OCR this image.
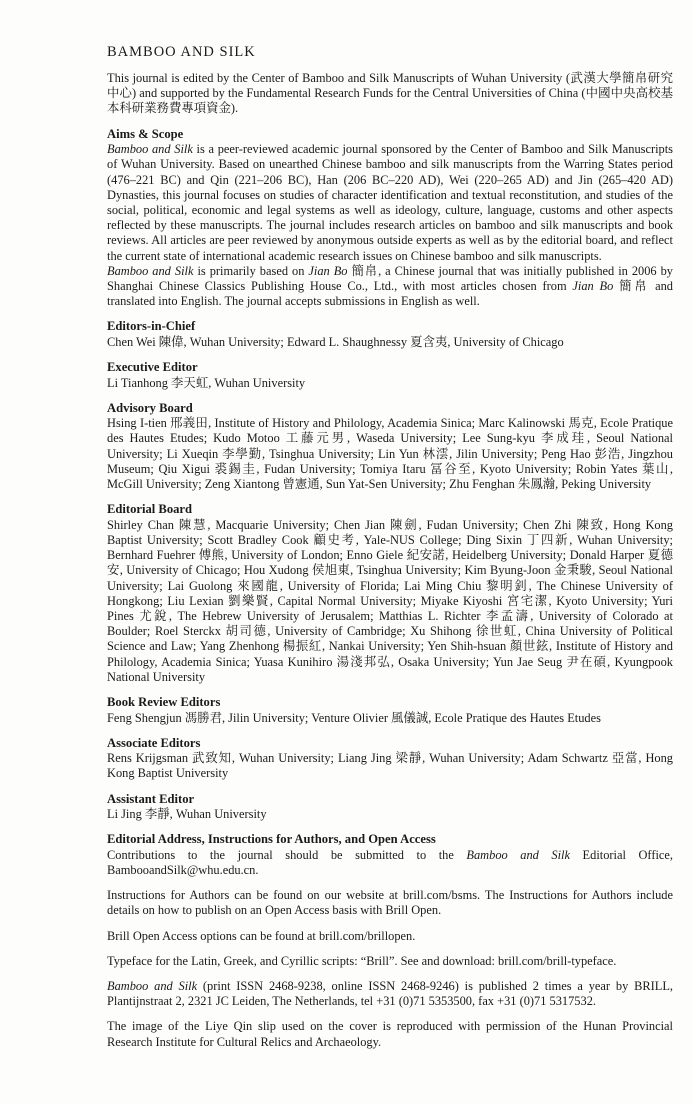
BAMBOO AND SILK

This journal is edited by the Center of Bamboo and Silk Manuscripts of Wuhan University (武漢大學簡帛研究中心) and supported by the Fundamental Research Funds for the Central Universities of China (中國中央高校基本科研業務費專項資金).

Aims & Scope

Bamboo and Silk is a peer-reviewed academic journal sponsored by the Center of Bamboo and Silk Manuscripts of Wuhan University. Based on unearthed Chinese bamboo and silk manuscripts from the Warring States period (476–221 BC) and Qin (221–206 BC), Han (206 BC–220 AD), Wei (220–265 AD) and Jin (265–420 AD) Dynasties, this journal focuses on studies of character identification and textual reconstitution, and studies of the social, political, economic and legal systems as well as ideology, culture, language, customs and other aspects reflected by these manuscripts. The journal includes research articles on bamboo and silk manuscripts and book reviews. All articles are peer reviewed by anonymous outside experts as well as by the editorial board, and reflect the current state of international academic research issues on Chinese bamboo and silk manuscripts.

Bamboo and Silk is primarily based on Jian Bo 簡帛, a Chinese journal that was initially published in 2006 by Shanghai Chinese Classics Publishing House Co., Ltd., with most articles chosen from Jian Bo 簡帛 and translated into English. The journal accepts submissions in English as well.

Editors-in-Chief

Chen Wei 陳偉, Wuhan University; Edward L. Shaughnessy 夏含夷, University of Chicago

Executive Editor

Li Tianhong 李天虹, Wuhan University

Advisory Board

Hsing I-tien 邢義田, Institute of History and Philology, Academia Sinica; Marc Kalinowski 馬克, Ecole Pratique des Hautes Etudes; Kudo Motoo 工藤元男, Waseda University; Lee Sung-kyu 李成珪, Seoul National University; Li Xueqin 李學勤, Tsinghua University; Lin Yun 林澐, Jilin University; Peng Hao 彭浩, Jingzhou Museum; Qiu Xigui 裘錫圭, Fudan University; Tomiya Itaru 冨谷至, Kyoto University; Robin Yates 葉山, McGill University; Zeng Xiantong 曾憲通, Sun Yat-Sen University; Zhu Fenghan 朱鳳瀚, Peking University

Editorial Board

Shirley Chan 陳慧, Macquarie University; Chen Jian 陳劍, Fudan University; Chen Zhi 陳致, Hong Kong Baptist University; Scott Bradley Cook 顧史考, Yale-NUS College; Ding Sixin 丁四新, Wuhan University; Bernhard Fuehrer 傅熊, University of London; Enno Giele 紀安諾, Heidelberg University; Donald Harper 夏德安, University of Chicago; Hou Xudong 侯旭東, Tsinghua University; Kim Byung-Joon 金秉駿, Seoul National University; Lai Guolong 來國龍, University of Florida; Lai Ming Chiu 黎明釗, The Chinese University of Hongkong; Liu Lexian 劉樂賢, Capital Normal University; Miyake Kiyoshi 宮宅潔, Kyoto University; Yuri Pines 尤銳, The Hebrew University of Jerusalem; Matthias L. Richter 李孟濤, University of Colorado at Boulder; Roel Sterckx 胡司德, University of Cambridge; Xu Shihong 徐世虹, China University of Political Science and Law; Yang Zhenhong 楊振紅, Nankai University; Yen Shih-hsuan 顏世鉉, Institute of History and Philology, Academia Sinica; Yuasa Kunihiro 湯淺邦弘, Osaka University; Yun Jae Seug 尹在碩, Kyungpook National University

Book Review Editors

Feng Shengjun 馮勝君, Jilin University; Venture Olivier 風儀誠, Ecole Pratique des Hautes Etudes

Associate Editors

Rens Krijgsman 武致知, Wuhan University; Liang Jing 梁靜, Wuhan University; Adam Schwartz 亞當, Hong Kong Baptist University

Assistant Editor

Li Jing 李靜, Wuhan University

Editorial Address, Instructions for Authors, and Open Access

Contributions to the journal should be submitted to the Bamboo and Silk Editorial Office, BambooandSilk@whu.edu.cn.

Instructions for Authors can be found on our website at brill.com/bsms. The Instructions for Authors include details on how to publish on an Open Access basis with Brill Open.

Brill Open Access options can be found at brill.com/brillopen.

Typeface for the Latin, Greek, and Cyrillic scripts: “Brill”. See and download: brill.com/brill-typeface.

Bamboo and Silk (print ISSN 2468-9238, online ISSN 2468-9246) is published 2 times a year by BRILL, Plantijnstraat 2, 2321 JC Leiden, The Netherlands, tel +31 (0)71 5353500, fax +31 (0)71 5317532.

The image of the Liye Qin slip used on the cover is reproduced with permission of the Hunan Provincial Research Institute for Cultural Relics and Archaeology.
